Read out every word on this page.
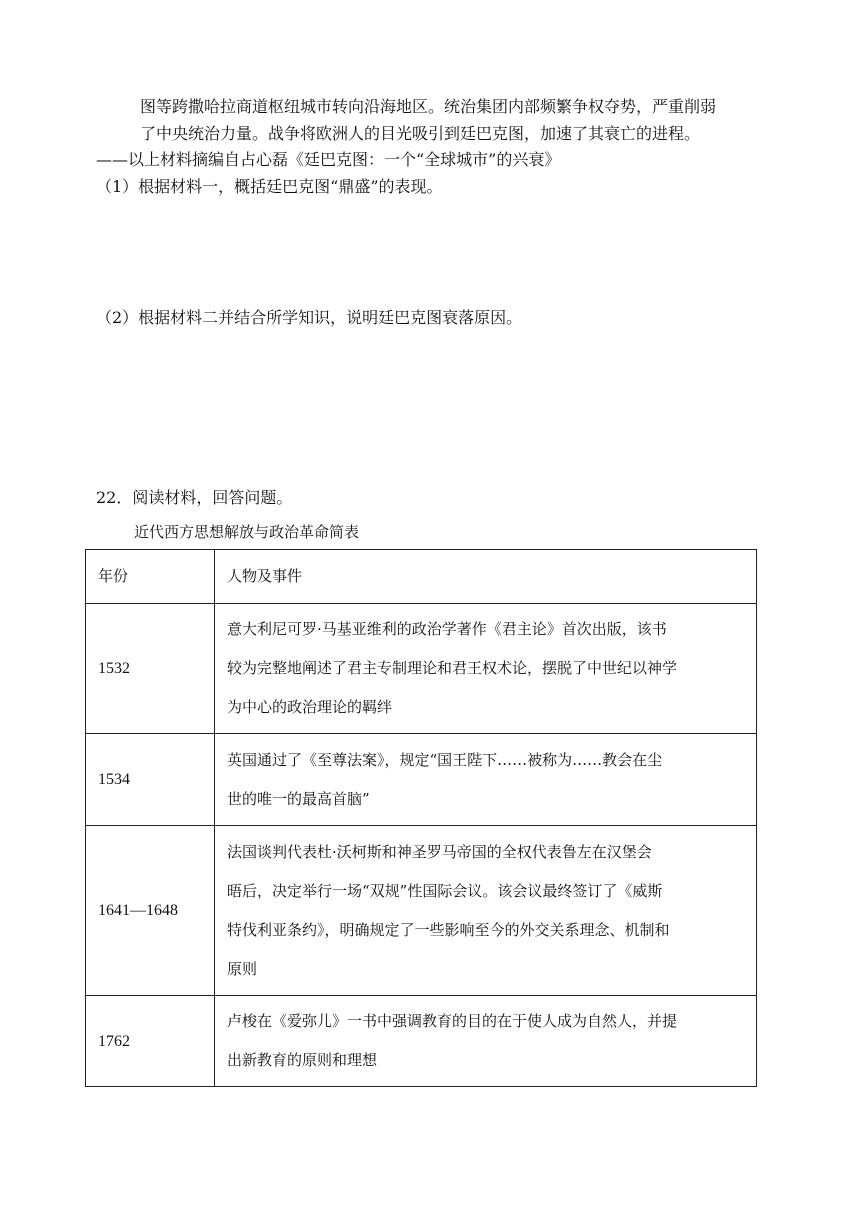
图等跨撒哈拉商道枢纽城市转向沿海地区。统治集团内部频繁争权夺势，严重削弱
了中央统治力量。战争将欧洲人的目光吸引到廷巴克图，加速了其衰亡的进程。
——以上材料摘编自占心磊《廷巴克图：一个“全球城市”的兴衰》
（1）根据材料一，概括廷巴克图“鼎盛”的表现。
（2）根据材料二并结合所学知识，说明廷巴克图衰落原因。
22．阅读材料，回答问题。
近代西方思想解放与政治革命简表
年份	人物及事件
1532	意大利尼可罗·马基亚维利的政治学著作《君主论》首次出版，该书
较为完整地阐述了君主专制理论和君王权术论，摆脱了中世纪以神学
为中心的政治理论的羁绊

1534	英国通过了《至尊法案》，规定“国王陛下……被称为……教会在尘
世的唯一的最高首脑”

1641—1648	法国谈判代表杜·沃柯斯和神圣罗马帝国的全权代表鲁左在汉堡会
晤后，决定举行一场“双规”性国际会议。该会议最终签订了《威斯
特伐利亚条约》，明确规定了一些影响至今的外交关系理念、机制和
原则

1762	卢梭在《爱弥儿》一书中强调教育的目的在于使人成为自然人，并提
出新教育的原则和理想
